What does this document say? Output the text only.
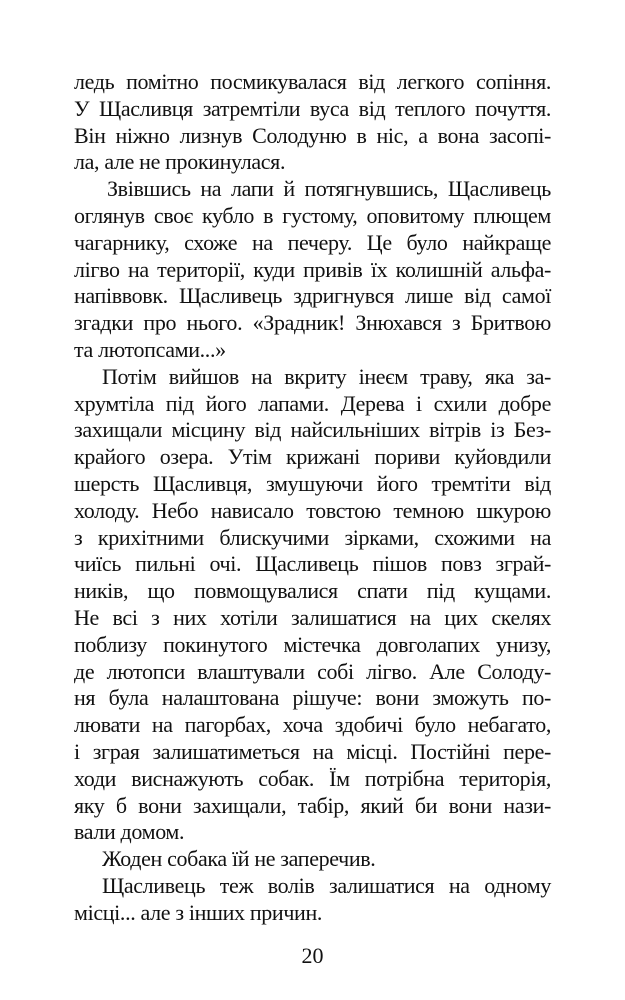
ледь помітно посмикувалася від легкого сопіння.
У Щасливця затремтіли вуса від теплого почуття.
Він ніжно лизнув Солодуню в ніс, а вона засопі-
ла, але не прокинулася.
Звівшись на лапи й потягнувшись, Щасливець
оглянув своє кубло в густому, оповитому плющем
чагарнику, схоже на печеру. Це було найкраще
лігво на території, куди привів їх колишній альфа-
напіввовк. Щасливець здригнувся лише від самої
згадки про нього. «Зрадник! Знюхався з Бритвою
та лютопсами...»
Потім вийшов на вкриту інеєм траву, яка за-
хрумтіла під його лапами. Дерева і схили добре
захищали місцину від найсильніших вітрів із Без-
крайого озера. Утім крижані пориви куйовдили
шерсть Щасливця, змушуючи його тремтіти від
холоду. Небо нависало товстою темною шкурою
з крихітними блискучими зірками, схожими на
чиїсь пильні очі. Щасливець пішов повз зграй-
ників, що повмощувалися спати під кущами.
Не всі з них хотіли залишатися на цих скелях
поблизу покинутого містечка довголапих унизу,
де лютопси влаштували собі лігво. Але Солоду-
ня була налаштована рішуче: вони зможуть по-
лювати на пагорбах, хоча здобичі було небагато,
і зграя залишатиметься на місці. Постійні пере-
ходи виснажують собак. Їм потрібна територія,
яку б вони захищали, табір, який би вони нази-
вали домом.
Жоден собака їй не заперечив.
Щасливець теж волів залишатися на одному
місці... але з інших причин.
20
